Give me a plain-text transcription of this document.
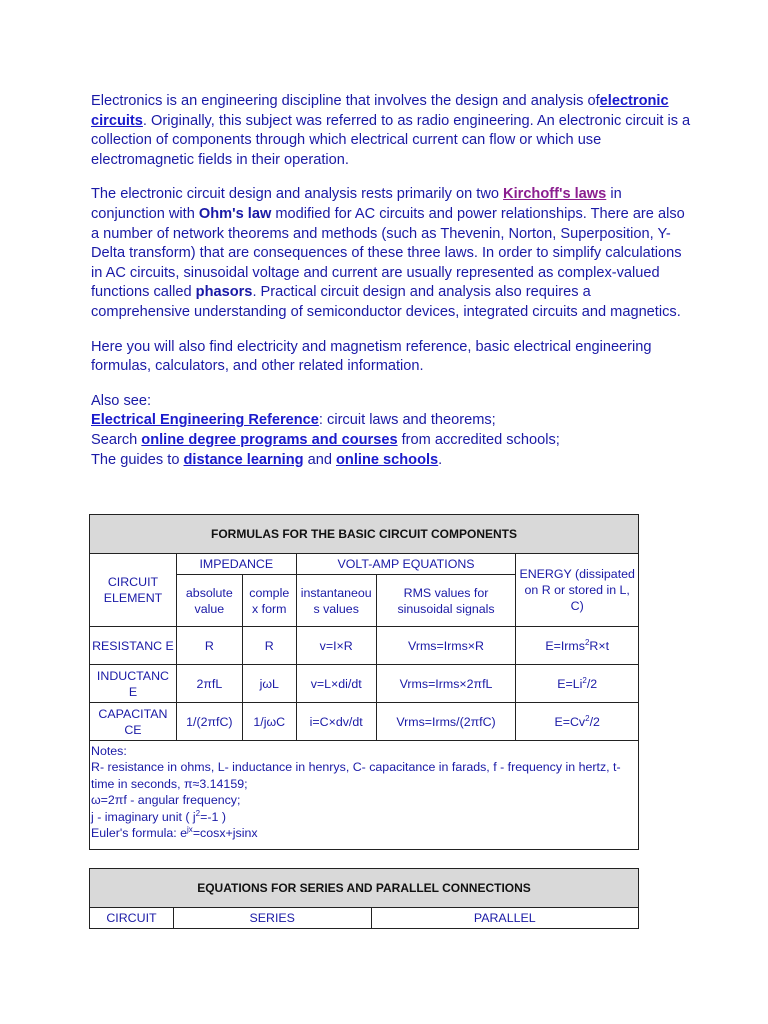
Electronics is an engineering discipline that involves the design and analysis ofelectronic circuits. Originally, this subject was referred to as radio engineering. An electronic circuit is a collection of components through which electrical current can flow or which use electromagnetic fields in their operation.

The electronic circuit design and analysis rests primarily on two Kirchoff's laws in conjunction with Ohm's law modified for AC circuits and power relationships. There are also a number of network theorems and methods (such as Thevenin, Norton, Superposition, Y-Delta transform) that are consequences of these three laws. In order to simplify calculations in AC circuits, sinusoidal voltage and current are usually represented as complex-valued functions called phasors. Practical circuit design and analysis also requires a comprehensive understanding of semiconductor devices, integrated circuits and magnetics.

Here you will also find electricity and magnetism reference, basic electrical engineering formulas, calculators, and other related information.

Also see:
Electrical Engineering Reference: circuit laws and theorems;
Search online degree programs and courses from accredited schools;
The guides to distance learning and online schools.

FORMULAS FOR THE BASIC CIRCUIT COMPONENTS					
CIRCUIT ELEMENT	IMPEDANCE		VOLT-AMP EQUATIONS		ENERGY (dissipated on R or stored in L, C)
	absolute value	comple x form	instantaneou s values	RMS values for sinusoidal signals	
RESISTANC E	R	R	v=I×R	Vrms=Irms×R	E=Irms$^2$R×t
INDUCTANC E	2πfL	jωL	v=L×di/dt	Vrms=Irms×2πfL	$E=Li^2/2$
CAPACITAN CE	1/(2πfC)	1/jωC	i=C×dv/dt	Vrms=Irms/(2πfC)	$E=Cv^2/2$

Notes:
R- resistance in ohms, L- inductance in henrys, C- capacitance in farads, f - frequency in hertz, t- time in seconds, π≈3.14159;
ω=2πf - angular frequency;
j - imaginary unit ( $j^2=-1$ )
Euler's formula: $e^{jx}=\cos x+jsinx$					
EQUATIONS FOR SERIES AND PARALLEL CONNECTIONS
CIRCUIT	SERIES	PARALLEL
